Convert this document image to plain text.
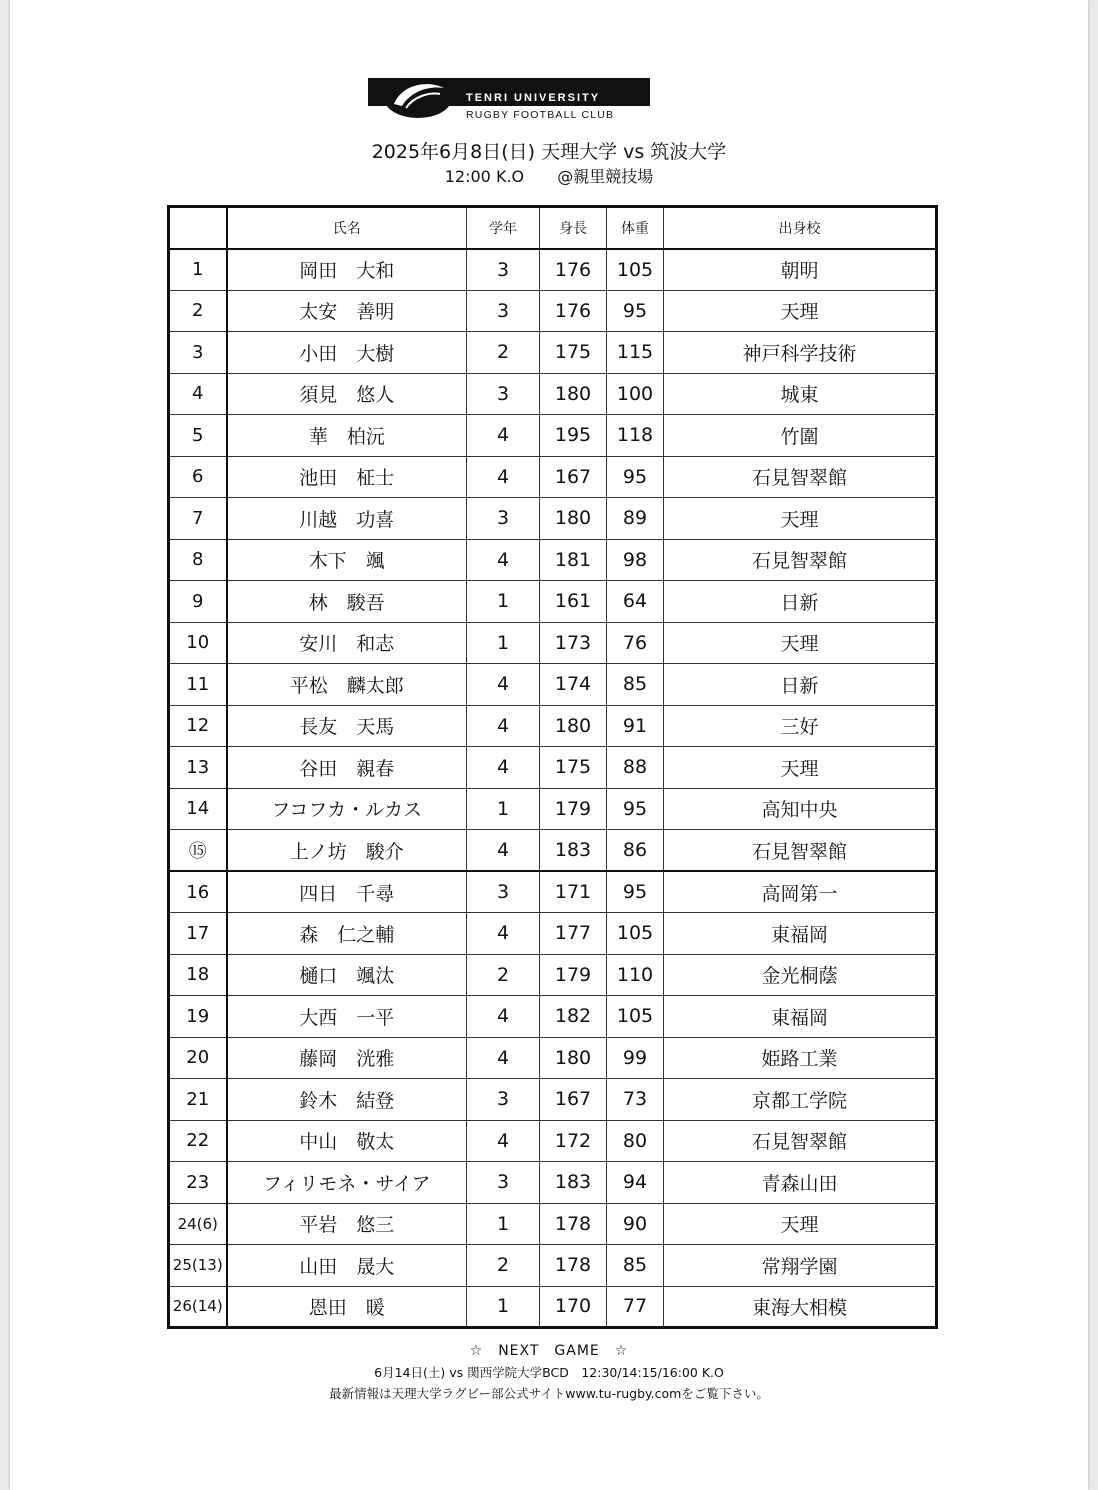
TENRI UNIVERSITY
RUGBY FOOTBALL CLUB
2025年6月8日(日) 天理大学 vs 筑波大学
12:00 K.O @親里競技場
	氏名	学年	身長	体重	出身校
1	岡田　大和	3	176	105	朝明
2	太安　善明	3	176	95	天理
3	小田　大樹	2	175	115	神戸科学技術
4	須見　悠人	3	180	100	城東
5	華　柏沅	4	195	118	竹圍
6	池田　柾士	4	167	95	石見智翠館
7	川越　功喜	3	180	89	天理
8	木下　颯	4	181	98	石見智翠館
9	林　駿吾	1	161	64	日新
10	安川　和志	1	173	76	天理
11	平松　麟太郎	4	174	85	日新
12	長友　天馬	4	180	91	三好
13	谷田　親春	4	175	88	天理
14	フコフカ・ルカス	1	179	95	高知中央
⑮	上ノ坊　駿介	4	183	86	石見智翠館
16	四日　千尋	3	171	95	高岡第一
17	森　仁之輔	4	177	105	東福岡
18	樋口　颯汰	2	179	110	金光桐蔭
19	大西　一平	4	182	105	東福岡
20	藤岡　洸雅	4	180	99	姫路工業
21	鈴木　結登	3	167	73	京都工学院
22	中山　敬太	4	172	80	石見智翠館
23	フィリモネ・サイア	3	183	94	青森山田
24(6)	平岩　悠三	1	178	90	天理
25(13)	山田　晟大	2	178	85	常翔学園
26(14)	恩田　暖	1	170	77	東海大相模
☆　NEXT　GAME　☆
6月14日(土) vs 関西学院大学BCD　12:30/14:15/16:00 K.O
最新情報は天理大学ラグビー部公式サイトwww.tu-rugby.comをご覧下さい。
